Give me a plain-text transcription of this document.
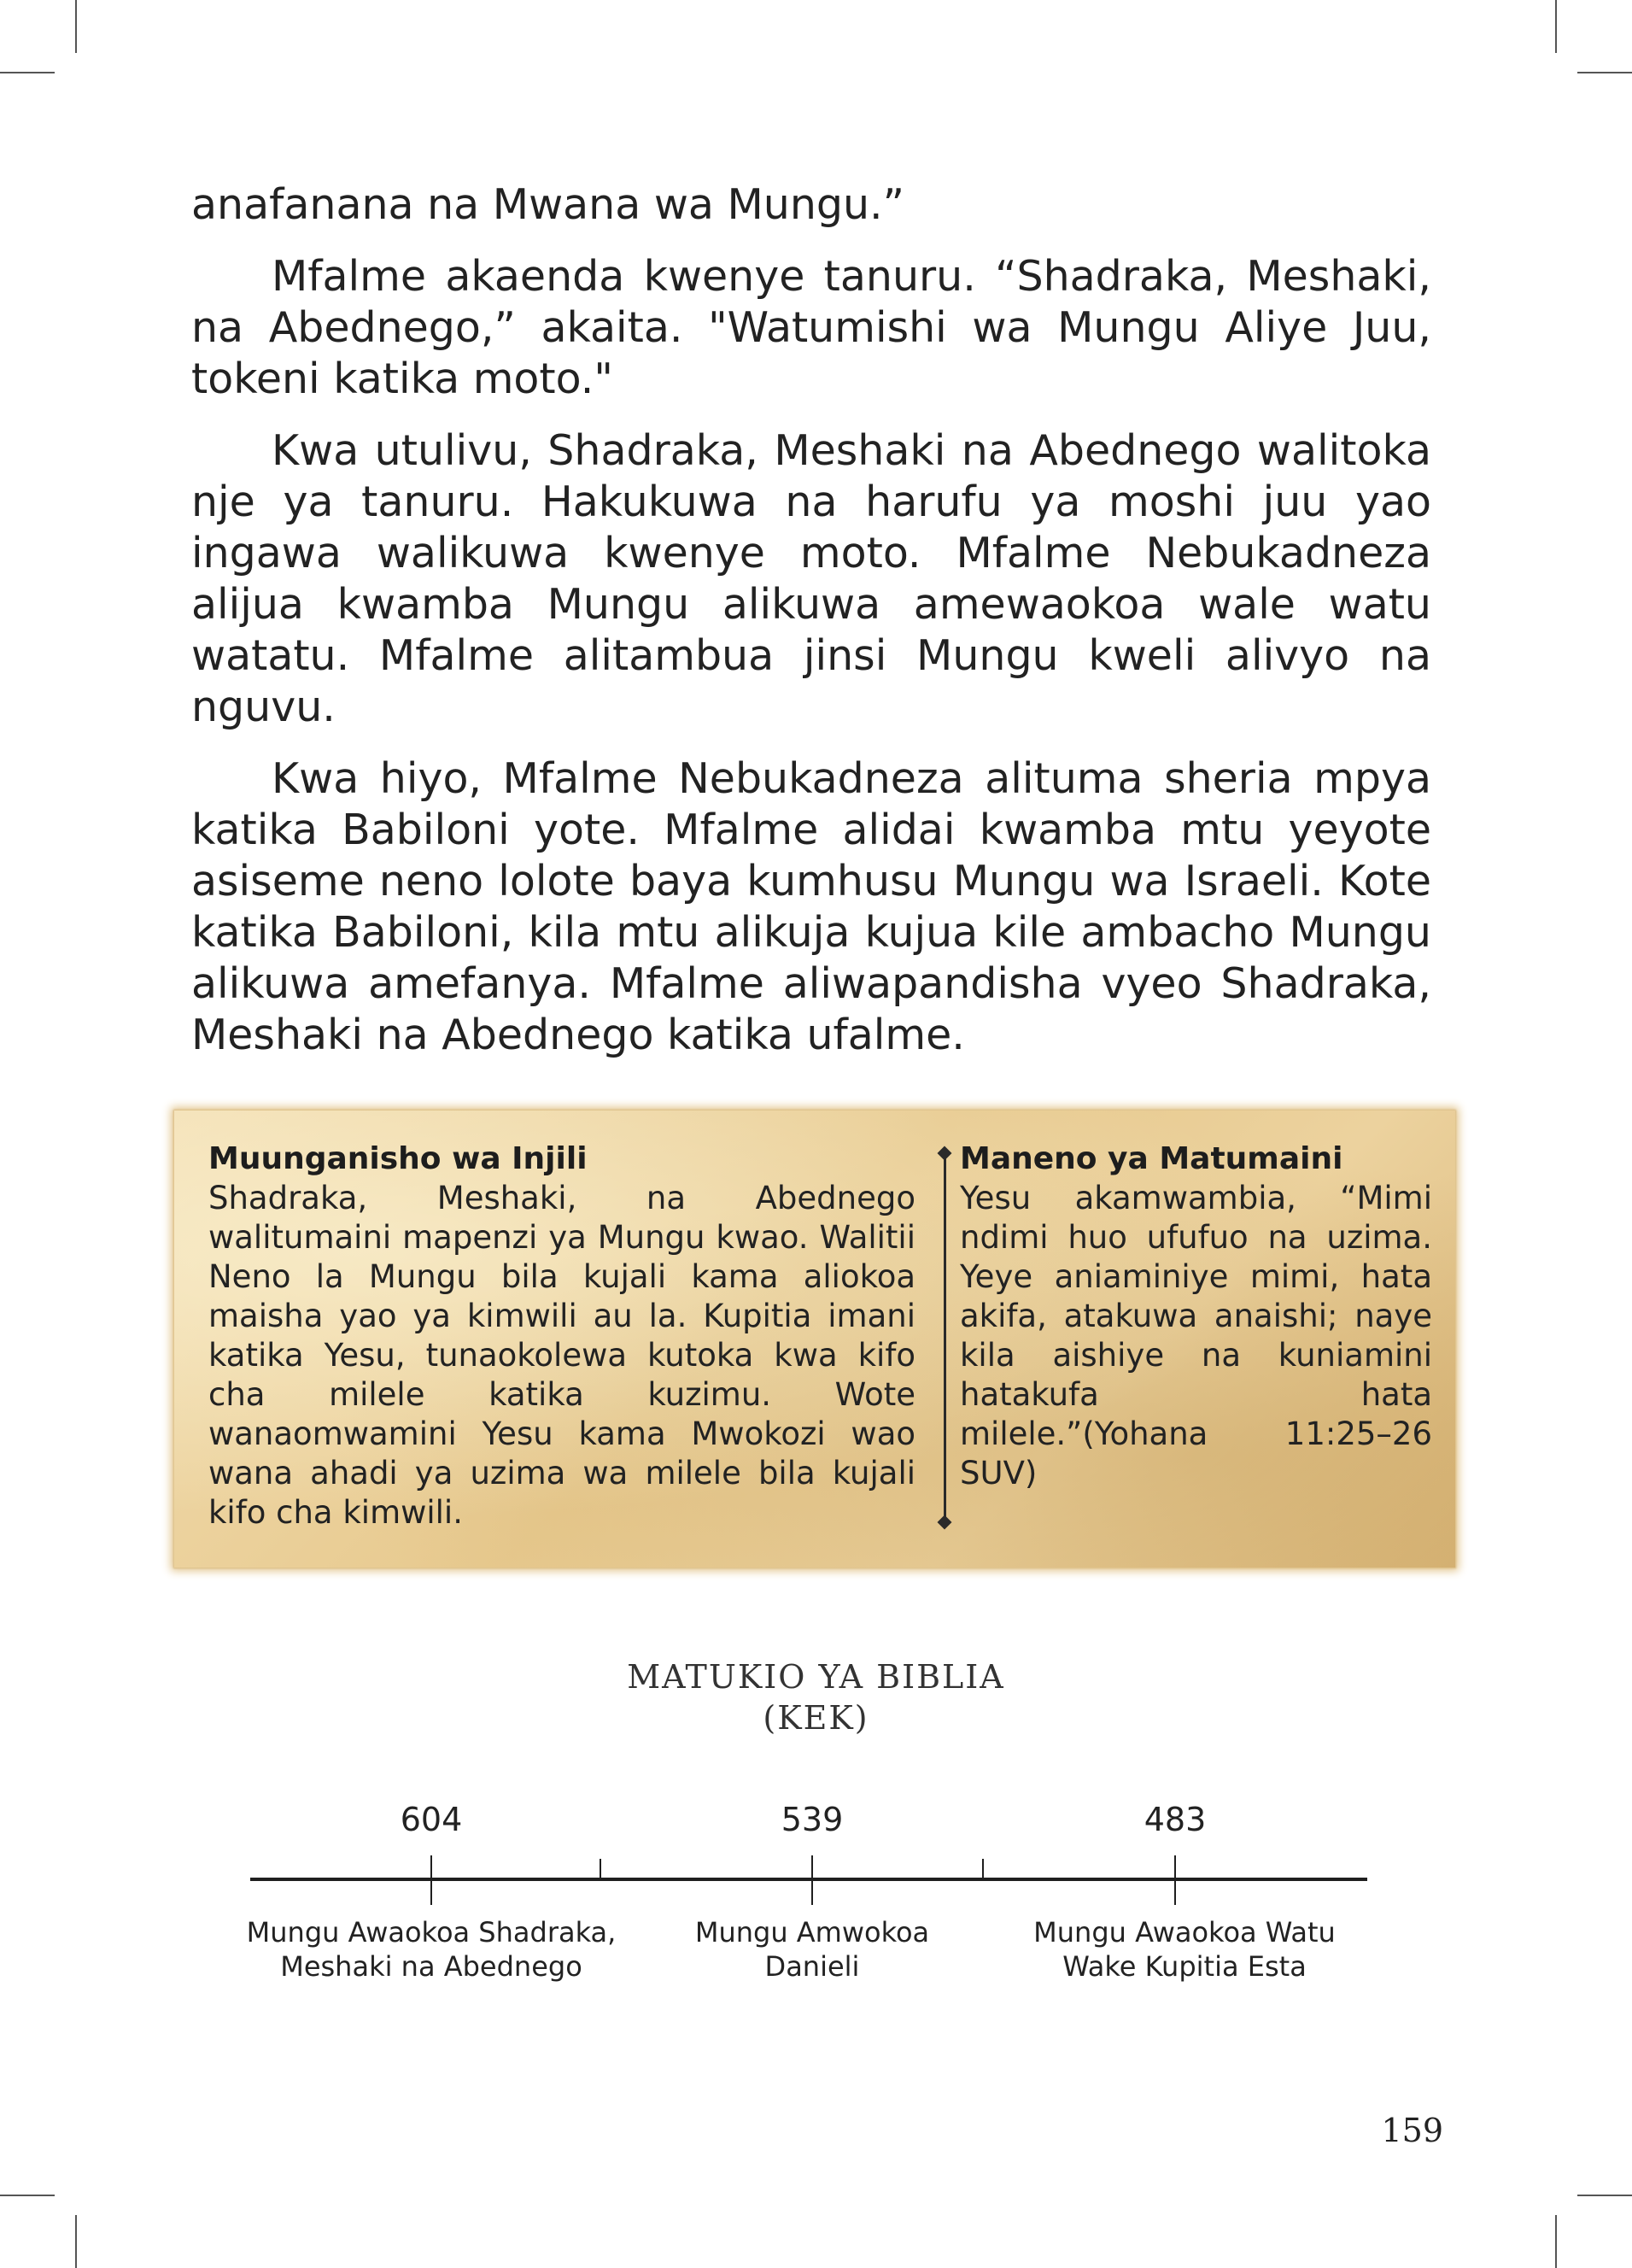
anafanana na Mwana wa Mungu.”

Mfalme akaenda kwenye tanuru. “Shadraka, Meshaki, na Abednego,” akaita. "Watumishi wa Mungu Aliye Juu, tokeni katika moto."

Kwa utulivu, Shadraka, Meshaki na Abednego walitoka nje ya tanuru. Hakukuwa na harufu ya moshi juu yao ingawa walikuwa kwenye moto. Mfalme Nebukadneza alijua kwamba Mungu alikuwa amewaokoa wale watu watatu. Mfalme alitambua jinsi Mungu kweli alivyo na nguvu.

Kwa hiyo, Mfalme Nebukadneza alituma sheria mpya katika Babiloni yote. Mfalme alidai kwamba mtu yeyote asiseme neno lolote baya kumhusu Mungu wa Israeli. Kote katika Babiloni, kila mtu alikuja kujua kile ambacho Mungu alikuwa amefanya. Mfalme aliwapandisha vyeo Shadraka, Meshaki na Abednego katika ufalme.

Muunganisho wa Injili

Shadraka, Meshaki, na Abednego walitumaini mapenzi ya Mungu kwao. Walitii Neno la Mungu bila kujali kama aliokoa maisha yao ya kimwili au la. Kupitia imani katika Yesu, tunaokolewa kutoka kwa kifo cha milele katika kuzimu. Wote wanaomwamini Yesu kama Mwokozi wao wana ahadi ya uzima wa milele bila kujali kifo cha kimwili.

Maneno ya Matumaini

Yesu akamwambia, “Mimi ndimi huo ufufuo na uzima. Yeye aniaminiye mimi, hata akifa, atakuwa anaishi; naye kila aishiye na kuniamini hatakufa hata milele.”(Yohana 11:25–26 SUV)

MATUKIO YA BIBLIA
(KEK)
604	539	483
Mungu Awaokoa Shadraka,
Meshaki na Abednego
Mungu Amwokoa
Danieli
Mungu Awaokoa Watu
Wake Kupitia Esta
159
